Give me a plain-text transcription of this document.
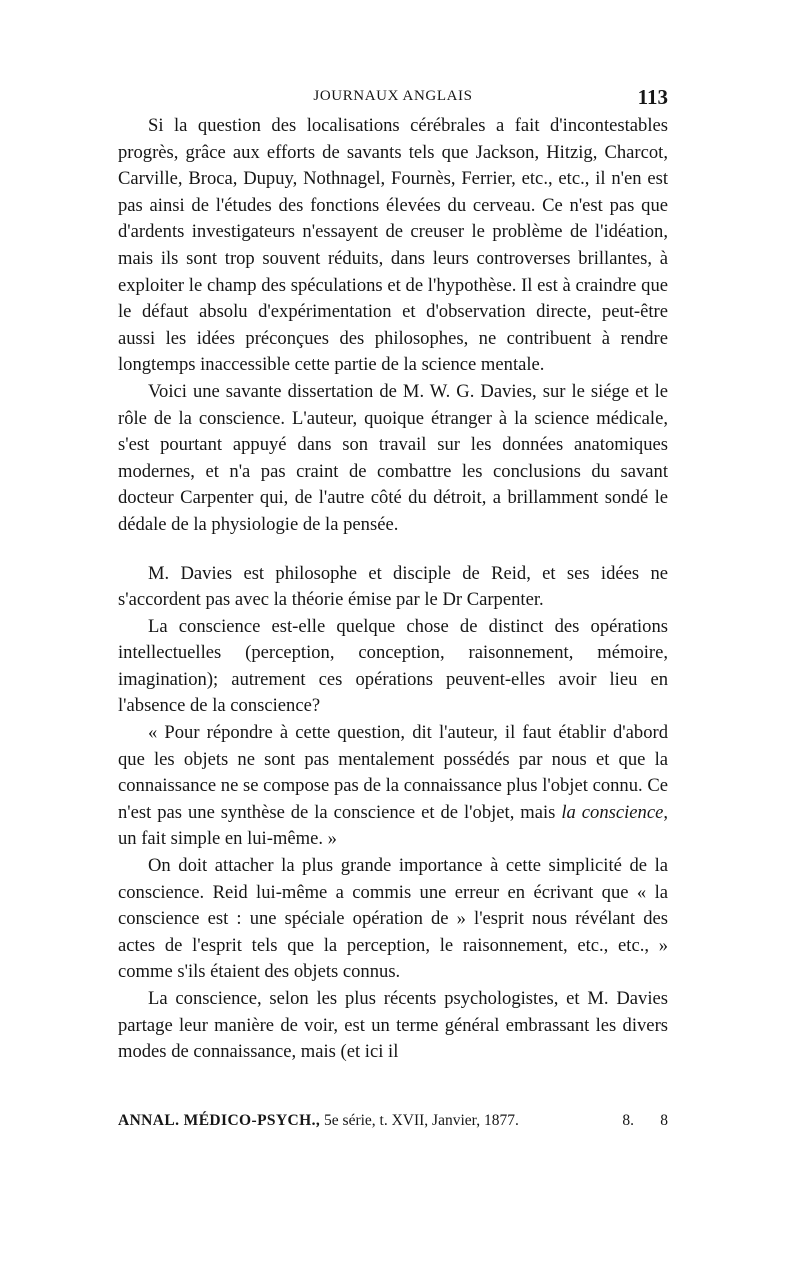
JOURNAUX ANGLAIS	113

Si la question des localisations cérébrales a fait d'incontestables progrès, grâce aux efforts de savants tels que Jackson, Hitzig, Charcot, Carville, Broca, Dupuy, Nothnagel, Fournès, Ferrier, etc., etc., il n'en est pas ainsi de l'études des fonctions élevées du cerveau. Ce n'est pas que d'ardents investigateurs n'essayent de creuser le problème de l'idéation, mais ils sont trop souvent réduits, dans leurs controverses brillantes, à exploiter le champ des spéculations et de l'hypothèse. Il est à craindre que le défaut absolu d'expérimentation et d'observation directe, peut-être aussi les idées préconçues des philosophes, ne contribuent à rendre longtemps inaccessible cette partie de la science mentale.

Voici une savante dissertation de M. W. G. Davies, sur le siége et le rôle de la conscience. L'auteur, quoique étranger à la science médicale, s'est pourtant appuyé dans son travail sur les données anatomiques modernes, et n'a pas craint de combattre les conclusions du savant docteur Carpenter qui, de l'autre côté du détroit, a brillamment sondé le dédale de la physiologie de la pensée.

M. Davies est philosophe et disciple de Reid, et ses idées ne s'accordent pas avec la théorie émise par le Dr Carpenter.

La conscience est-elle quelque chose de distinct des opérations intellectuelles (perception, conception, raisonnement, mémoire, imagination); autrement ces opérations peuvent-elles avoir lieu en l'absence de la conscience?

« Pour répondre à cette question, dit l'auteur, il faut établir d'abord que les objets ne sont pas mentalement possédés par nous et que la connaissance ne se compose pas de la connaissance plus l'objet connu. Ce n'est pas une synthèse de la conscience et de l'objet, mais la conscience, un fait simple en lui-même. »

On doit attacher la plus grande importance à cette simplicité de la conscience. Reid lui-même a commis une erreur en écrivant que « la conscience est : une spéciale opération de » l'esprit nous révélant des actes de l'esprit tels que la perception, le raisonnement, etc., etc., » comme s'ils étaient des objets connus.

La conscience, selon les plus récents psychologistes, et M. Davies partage leur manière de voir, est un terme général embrassant les divers modes de connaissance, mais (et ici il

ANNAL. MÉDICO-PSYCH., 5e série, t. XVII, Janvier, 1877.	8. 8
